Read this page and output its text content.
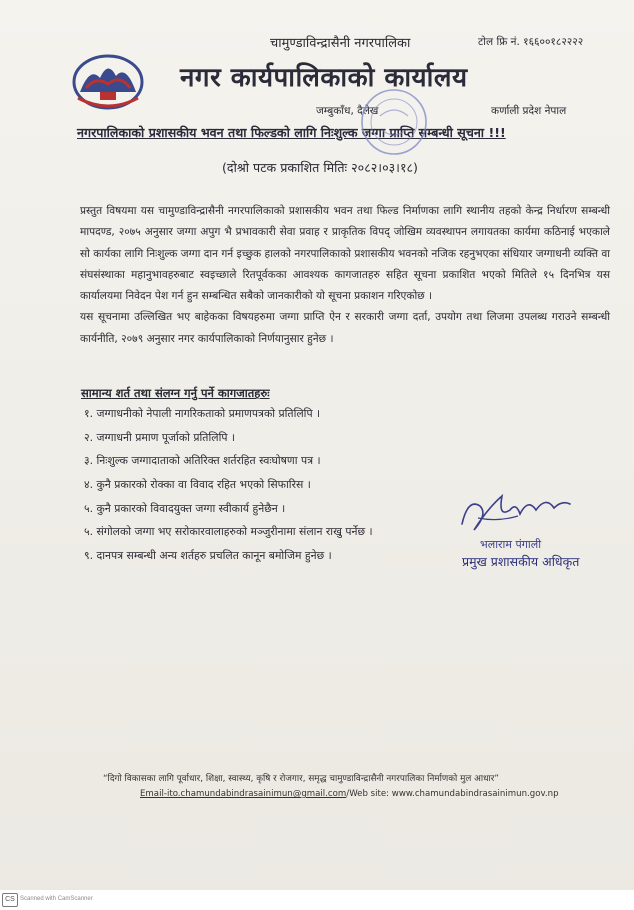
चामुण्डाविन्द्रासैनी नगरपालिका	टोल फ्रि नं. १६६००१८२२२२
नगर कार्यपालिकाको कार्यालय
जम्बुकाँध, दैलेख	कर्णाली प्रदेश नेपाल
नगरपालिकाको प्रशासकीय भवन तथा फिल्डको लागि निःशुल्क जग्गा प्राप्ति सम्बन्धी सूचना !!!
(दोश्रो पटक प्रकाशित मितिः २०८२।०३।१८)

प्रस्तुत विषयमा यस चामुण्डाविन्द्रासैनी नगरपालिकाको प्रशासकीय भवन तथा फिल्ड निर्माणका लागि स्थानीय तहको केन्द्र निर्धारण सम्बन्धी मापदण्ड, २०७५ अनुसार जग्गा अपुग भै प्रभावकारी सेवा प्रवाह र प्राकृतिक विपद् जोखिम व्यवस्थापन लगायतका कार्यमा कठिनाई भएकाले सो कार्यका लागि निःशुल्क जग्गा दान गर्न इच्छुक हालको नगरपालिकाको प्रशासकीय भवनको नजिक रहनुभएका संधियार जग्गाधनी व्यक्ति वा संघसंस्थाका महानुभावहरुबाट स्वइच्छाले रितपूर्वकका आवश्यक कागजातहरु सहित सूचना प्रकाशित भएको मितिले १५ दिनभित्र यस कार्यालयमा निवेदन पेश गर्न हुन सम्बन्धित सबैको जानकारीको यो सूचना प्रकाशन गरिएकोछ ।

यस सूचनामा उल्लिखित भए बाहेकका विषयहरुमा जग्गा प्राप्ति ऐन र सरकारी जग्गा दर्ता, उपयोग तथा लिजमा उपलब्ध गराउने सम्बन्धी कार्यनीति, २०७९ अनुसार नगर कार्यपालिकाको निर्णयानुसार हुनेछ ।

सामान्य शर्त तथा संलग्न गर्नु पर्ने कागजातहरुः
१. जग्गाधनीको नेपाली नागरिकताको प्रमाणपत्रको प्रतिलिपि ।
२. जग्गाधनी प्रमाण पूर्जाको प्रतिलिपि ।
३. निःशुल्क जग्गादाताको अतिरिक्त शर्तरहित स्वःघोषणा पत्र ।
४. कुनै प्रकारको रोक्का वा विवाद रहित भएको सिफारिस ।
५. कुनै प्रकारको विवादयुक्त जग्गा स्वीकार्य हुनेछैन ।
५. संगोलको जग्गा भए सरोकारवालाहरुको मञ्जुरीनामा संलान राखु पर्नेछ ।
९. दानपत्र सम्बन्धी अन्य शर्तहरु प्रचलित कानून बमोजिम हुनेछ ।
भलाराम पंगाली
प्रमुख प्रशासकीय अधिकृत
“दिगो विकासका लागि पूर्वाधार, शिक्षा, स्वास्थ्य, कृषि र रोजगार, समृद्ध चामुण्डाविन्द्रासैनी नगरपालिका निर्माणको मुल आधार”
Email-ito.chamundabindrasainimun@gmail.com/Web site: www.chamundabindrasainimun.gov.np
CS Scanned with CamScanner
